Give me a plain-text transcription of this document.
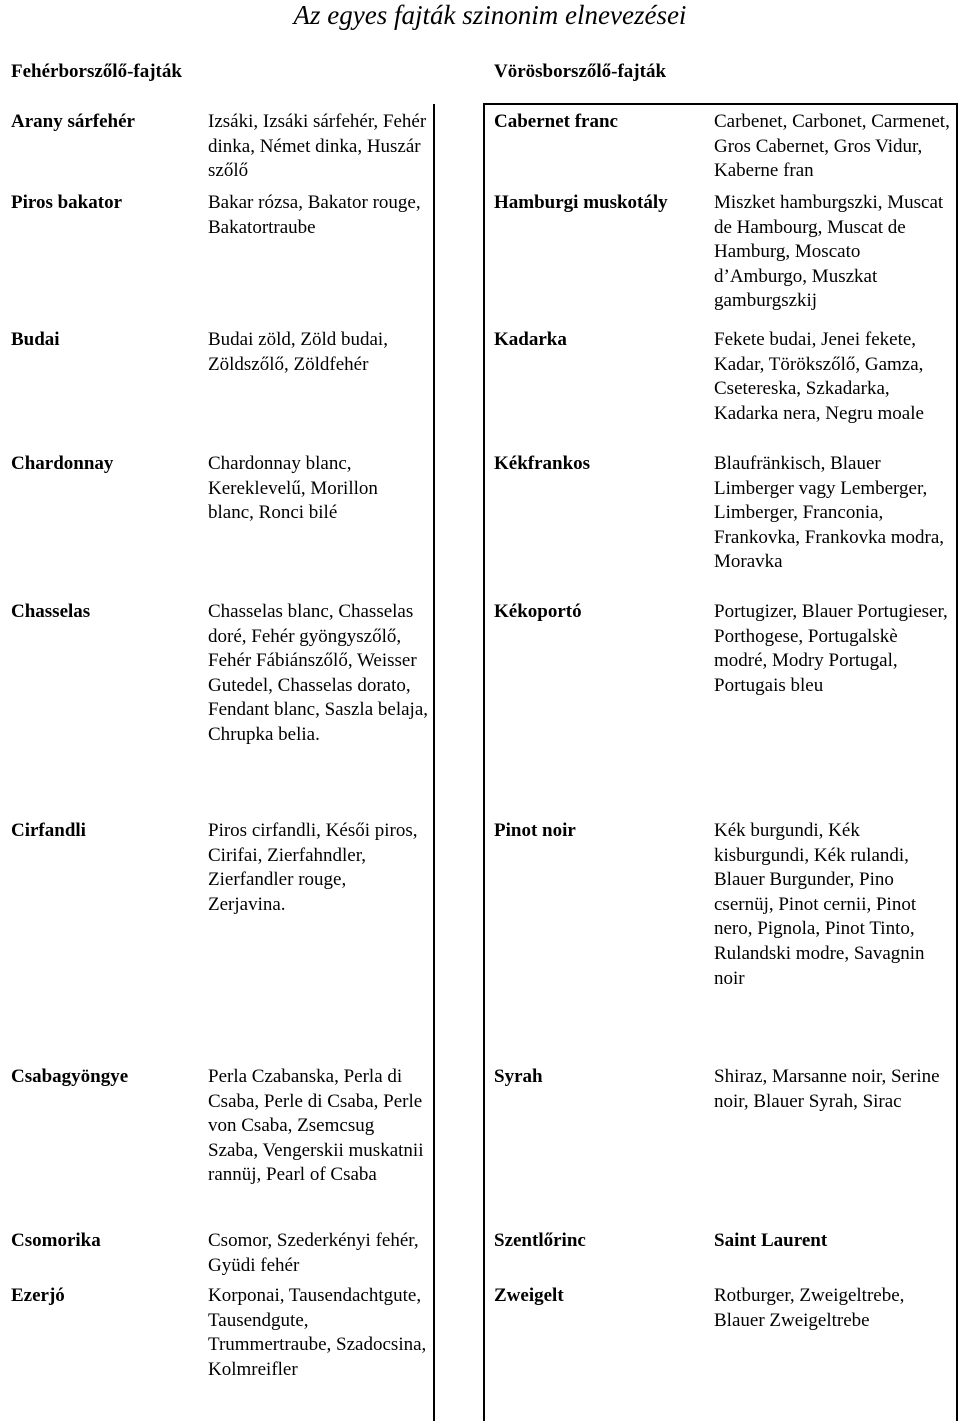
Az egyes fajták szinonim elnevezései
Fehérborszőlő-fajták	Vörösborszőlő-fajták
Arany sárfehér	Izsáki, Izsáki sárfehér, Fehér dinka, Német dinka, Huszár szőlő
Piros bakator	Bakar rózsa, Bakator rouge, Bakatortraube
Budai	Budai zöld, Zöld budai, Zöldszőlő, Zöldfehér
Chardonnay	Chardonnay blanc, Kereklevelű, Morillon blanc, Ronci bilé
Chasselas	Chasselas blanc, Chasselas doré, Fehér gyöngyszőlő, Fehér Fábiánszőlő, Weisser Gutedel, Chasselas dorato, Fendant blanc, Saszla belaja, Chrupka belia.
Cirfandli	Piros cirfandli, Késői piros, Cirifai, Zierfahndler, Zierfandler rouge, Zerjavina.
Csabagyöngye	Perla Czabanska, Perla di Csaba, Perle di Csaba, Perle von Csaba, Zsemcsug Szaba, Vengerskii muskatnii rannüj, Pearl of Csaba
Csomorika	Csomor, Szederkényi fehér, Gyüdi fehér
Ezerjó	Korponai, Tausendachtgute, Tausendgute, Trummertraube, Szadocsina, Kolmreifler
Cabernet franc	Carbenet, Carbonet, Carmenet, Gros Cabernet, Gros Vidur, Kaberne fran
Hamburgi muskotály	Miszket hamburgszki, Muscat de Hambourg, Muscat de Hamburg, Moscato d’Amburgo, Muszkat gamburgszkij
Kadarka	Fekete budai, Jenei fekete, Kadar, Törökszőlő, Gamza, Csetereska, Szkadarka, Kadarka nera, Negru moale
Kékfrankos	Blaufränkisch, Blauer Limberger vagy Lemberger, Limberger, Franconia, Frankovka, Frankovka modra, Moravka
Kékoportó	Portugizer, Blauer Portugieser, Porthogese, Portugalskè modré, Modry Portugal, Portugais bleu
Pinot noir	Kék burgundi, Kék kisburgundi, Kék rulandi, Blauer Burgunder, Pino csernüj, Pinot cernii, Pinot nero, Pignola, Pinot Tinto, Rulandski modre, Savagnin noir
Syrah	Shiraz, Marsanne noir, Serine noir, Blauer Syrah, Sirac
Szentlőrinc	Saint Laurent
Zweigelt	Rotburger, Zweigeltrebe, Blauer Zweigeltrebe
